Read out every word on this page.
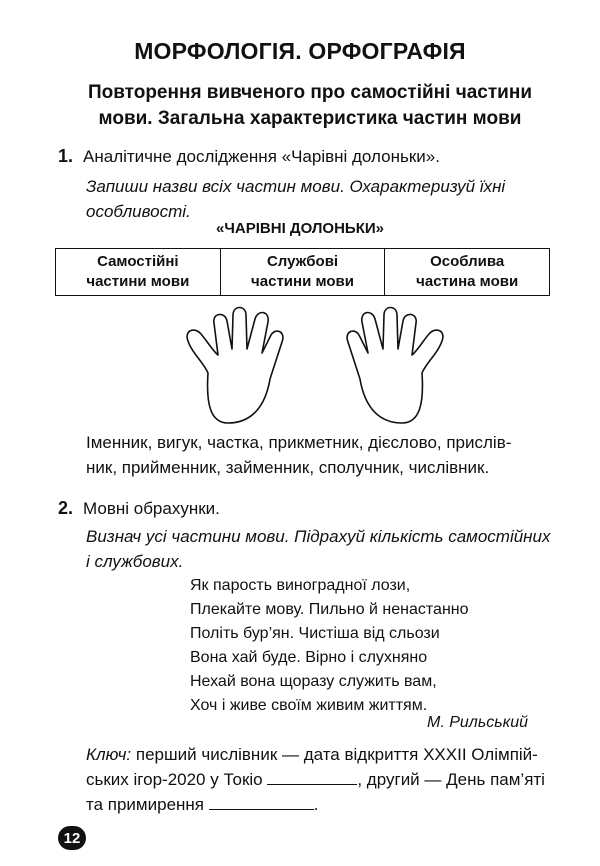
МОРФОЛОГІЯ. ОРФОГРАФІЯ
Повторення вивченого про самостійні частини
мови. Загальна характеристика частин мови
1. Аналітичне дослідження «Чарівні долоньки».
Запиши назви всіх частин мови. Охарактеризуй їхні
особливості.
«ЧАРІВНІ ДОЛОНЬКИ»
Самостійні
частини мови
Службові
частини мови
Особлива
частина мови
Іменник, вигук, частка, прикметник, дієслово, прислів-
ник, прийменник, займенник, сполучник, числівник.
2. Мовні обрахунки.
Визнач усі частини мови. Підрахуй кількість самостійних
і службових.
Як парость виноградної лози,
Плекайте мову. Пильно й ненастанно
Політь бур’ян. Чистіша від сльози
Вона хай буде. Вірно і слухняно
Нехай вона щоразу служить вам,
Хоч і живе своїм живим життям.
М. Рильський
Ключ: перший числівник — дата відкриття ХХХІІ Олімпій-
ських ігор-2020 у Токіо	, другий — День пам’яті
та примирення	.
12
